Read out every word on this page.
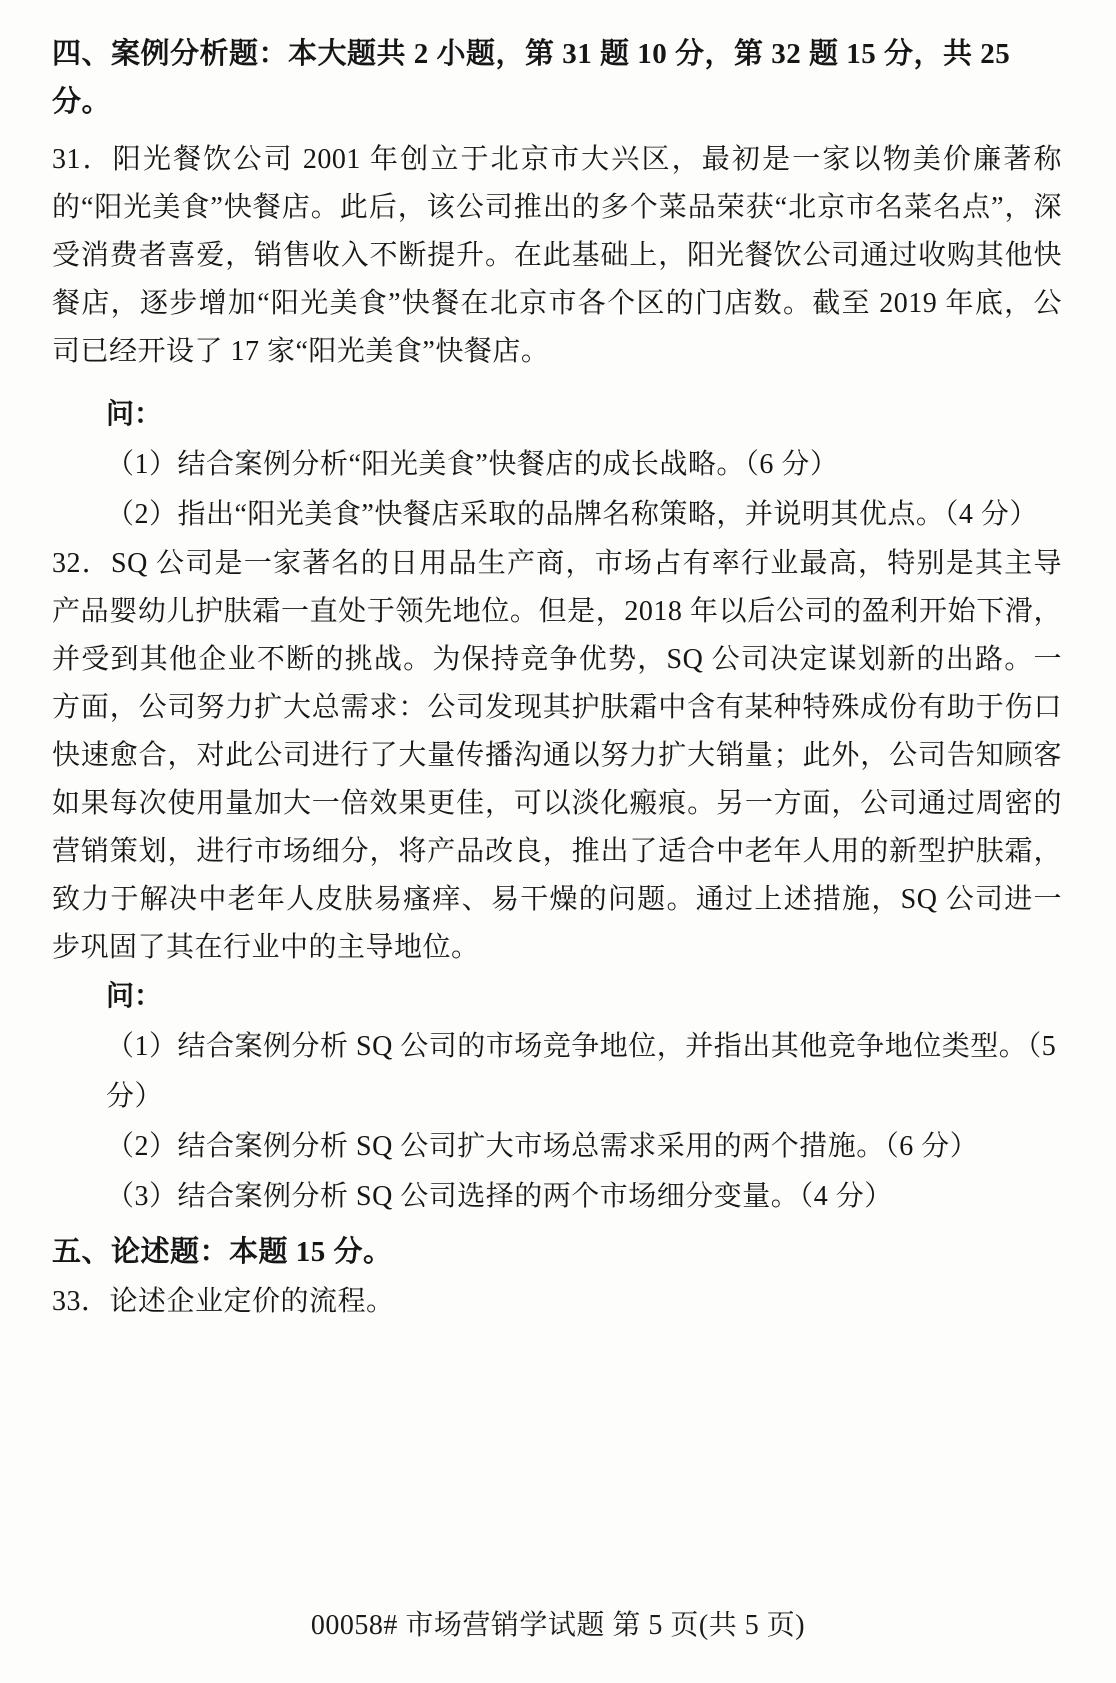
四、案例分析题：本大题共 2 小题，第 31 题 10 分，第 32 题 15 分，共 25 分。

31．阳光餐饮公司 2001 年创立于北京市大兴区，最初是一家以物美价廉著称的“阳光美食”快餐店。此后，该公司推出的多个菜品荣获“北京市名菜名点”，深受消费者喜爱，销售收入不断提升。在此基础上，阳光餐饮公司通过收购其他快餐店，逐步增加“阳光美食”快餐在北京市各个区的门店数。截至 2019 年底，公司已经开设了 17 家“阳光美食”快餐店。

问：

（1）结合案例分析“阳光美食”快餐店的成长战略。（6 分）

（2）指出“阳光美食”快餐店采取的品牌名称策略，并说明其优点。（4 分）

32．SQ 公司是一家著名的日用品生产商，市场占有率行业最高，特别是其主导产品婴幼儿护肤霜一直处于领先地位。但是，2018 年以后公司的盈利开始下滑，并受到其他企业不断的挑战。为保持竞争优势，SQ 公司决定谋划新的出路。一方面，公司努力扩大总需求：公司发现其护肤霜中含有某种特殊成份有助于伤口快速愈合，对此公司进行了大量传播沟通以努力扩大销量；此外，公司告知顾客如果每次使用量加大一倍效果更佳，可以淡化瘢痕。另一方面，公司通过周密的营销策划，进行市场细分，将产品改良，推出了适合中老年人用的新型护肤霜，致力于解决中老年人皮肤易瘙痒、易干燥的问题。通过上述措施，SQ 公司进一步巩固了其在行业中的主导地位。

问：

（1）结合案例分析 SQ 公司的市场竞争地位，并指出其他竞争地位类型。（5 分）

（2）结合案例分析 SQ 公司扩大市场总需求采用的两个措施。（6 分）

（3）结合案例分析 SQ 公司选择的两个市场细分变量。（4 分）

五、论述题：本题 15 分。

33．论述企业定价的流程。

00058# 市场营销学试题 第 5 页(共 5 页)
